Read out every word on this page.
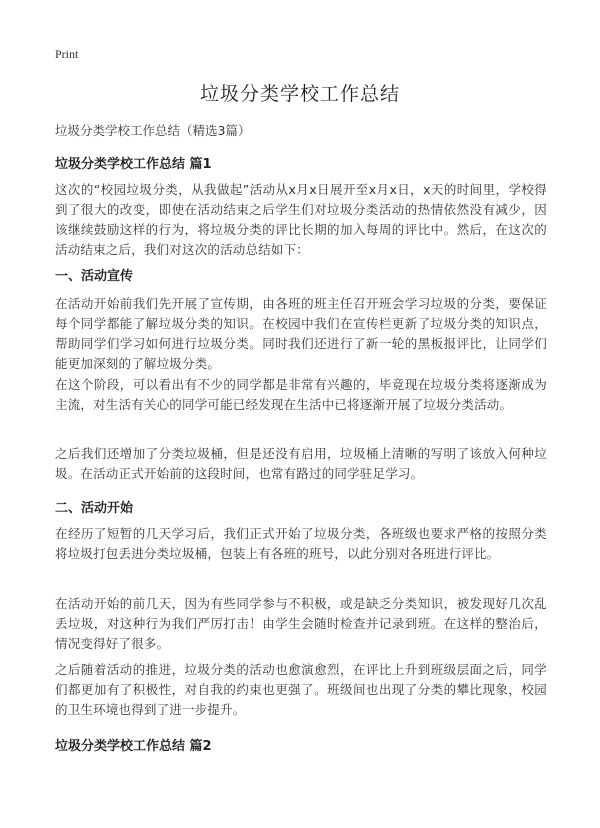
Print
垃圾分类学校工作总结
垃圾分类学校工作总结（精选3篇）
垃圾分类学校工作总结 篇1
这次的“校园垃圾分类，从我做起”活动从x月x日展开至x月x日，x天的时间里，学校得到了很大的改变，即使在活动结束之后学生们对垃圾分类活动的热情依然没有减少，因该继续鼓励这样的行为，将垃圾分类的评比长期的加入每周的评比中。然后，在这次的 活动结束之后，我们对这次的活动总结如下：
一、活动宣传
在活动开始前我们先开展了宣传期，由各班的班主任召开班会学习垃圾的分类，要保证每个同学都能了解垃圾分类的知识。在校园中我们在宣传栏更新了垃圾分类的知识点，帮助同学们学习如何进行垃圾分类。同时我们还进行了新一轮的黑板报评比，让同学们能更加深刻的了解垃圾分类。
在这个阶段，可以看出有不少的同学都是非常有兴趣的，毕竟现在垃圾分类将逐渐成为主流，对生活有关心的同学可能已经发现在生活中已将逐渐开展了垃圾分类活动。
之后我们还增加了分类垃圾桶，但是还没有启用，垃圾桶上清晰的写明了该放入何种垃圾。在活动正式开始前的这段时间，也常有路过的同学驻足学习。
二、活动开始
在经历了短暂的几天学习后，我们正式开始了垃圾分类，各班级也要求严格的按照分类将垃圾打包丢进分类垃圾桶，包装上有各班的班号，以此分别对各班进行评比。
在活动开始的前几天，因为有些同学参与不积极，或是缺乏分类知识，被发现好几次乱丢垃圾，对这种行为我们严厉打击！由学生会随时检查并记录到班。在这样的整治后，情况变得好了很多。
之后随着活动的推进，垃圾分类的活动也愈演愈烈，在评比上升到班级层面之后，同学们都更加有了积极性，对自我的约束也更强了。班级间也出现了分类的攀比现象，校园的卫生环境也得到了进一步提升。
垃圾分类学校工作总结 篇2
